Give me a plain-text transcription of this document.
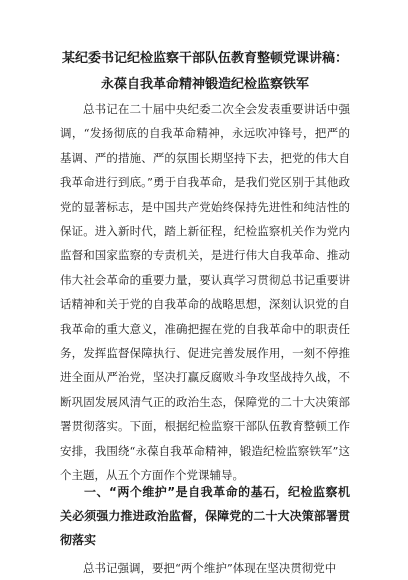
某纪委书记纪检监察干部队伍教育整顿党课讲稿：永葆自我革命精神锻造纪检监察铁军

总书记在二十届中央纪委二次全会发表重要讲话中强调，“发扬彻底的自我革命精神，永远吹冲锋号，把严的基调、严的措施、严的氛围长期坚持下去，把党的伟大自我革命进行到底。”勇于自我革命，是我们党区别于其他政党的显著标志，是中国共产党始终保持先进性和纯洁性的保证。进入新时代，踏上新征程，纪检监察机关作为党内监督和国家监察的专责机关，是进行伟大自我革命、推动伟大社会革命的重要力量，要认真学习贯彻总书记重要讲话精神和关于党的自我革命的战略思想，深刻认识党的自我革命的重大意义，准确把握在党的自我革命中的职责任务，发挥监督保障执行、促进完善发展作用，一刻不停推进全面从严治党，坚决打赢反腐败斗争攻坚战持久战，不断巩固发展风清气正的政治生态，保障党的二十大决策部署贯彻落实。下面，根据纪检监察干部队伍教育整顿工作安排，我围绕“永葆自我革命精神，锻造纪检监察铁军”这个主题，从五个方面作个党课辅导。

一、“两个维护”是自我革命的基石，纪检监察机关必须强力推进政治监督，保障党的二十大决策部署贯彻落实

总书记强调，要把“两个维护”体现在坚决贯彻党中
